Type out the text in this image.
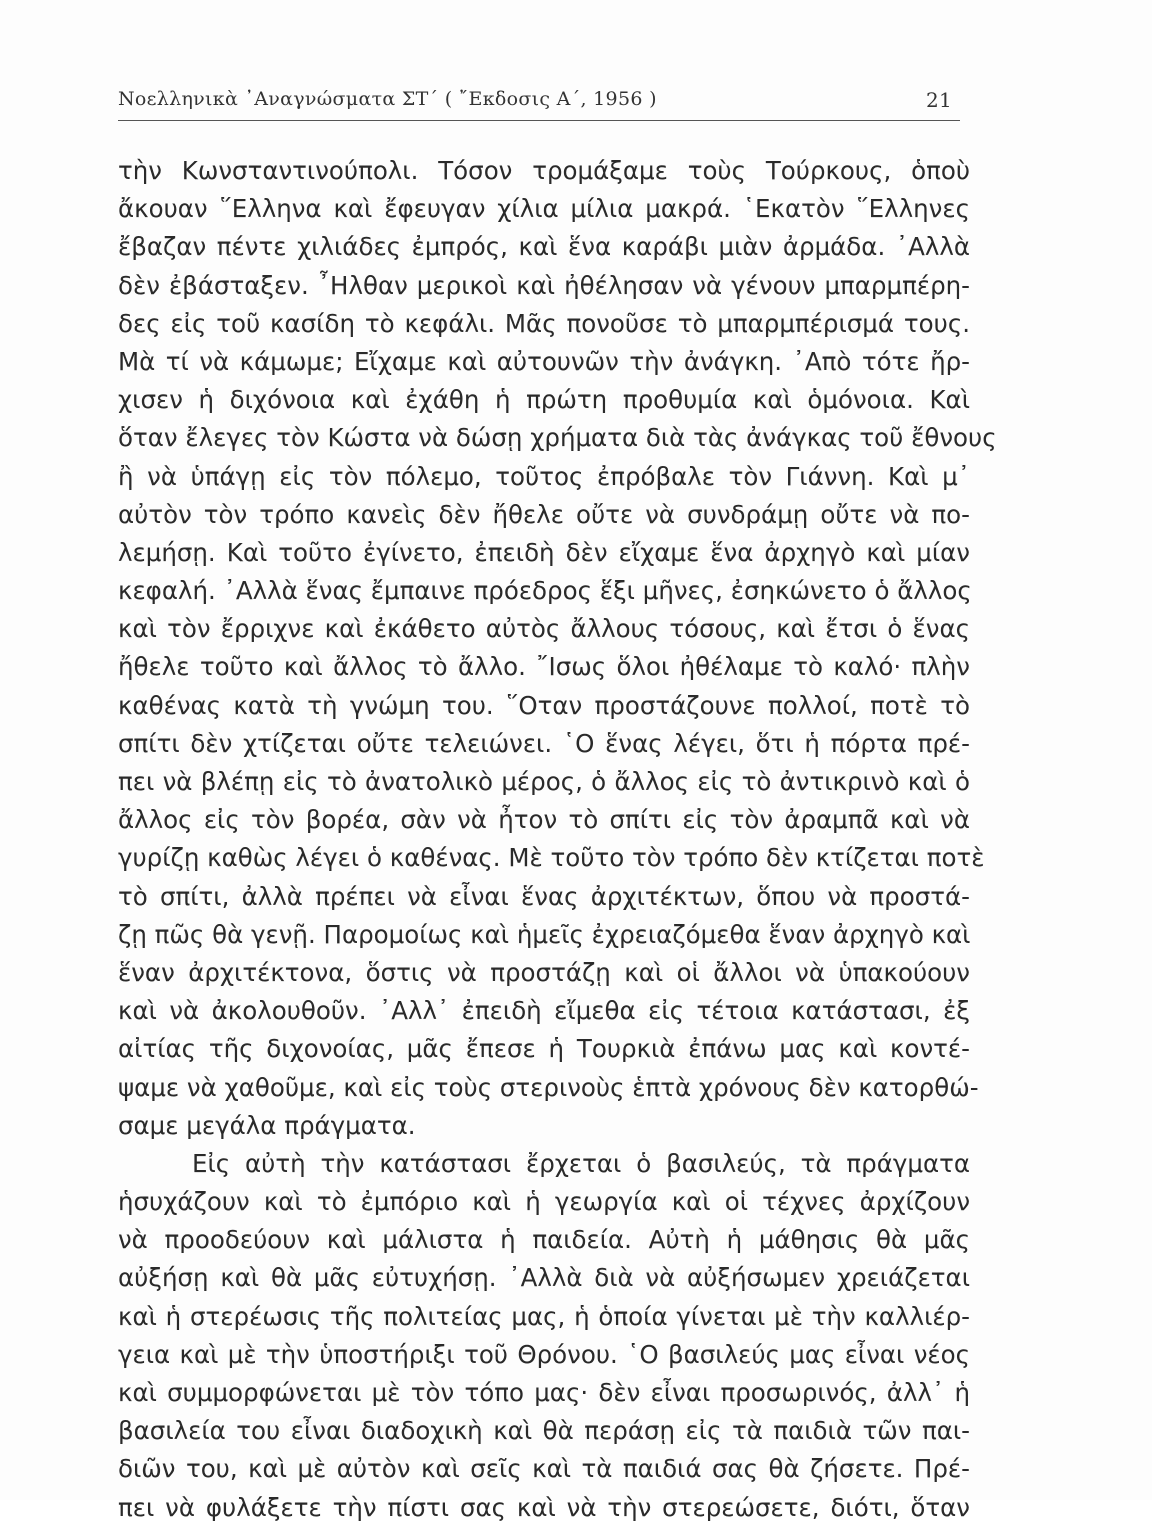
Νοελληνικὰ ᾿Αναγνώσματα ΣΤ΄ ( ῎Εκδοσις Α΄, 1956 )	21
τὴν Κωνσταντινούπολι. Τόσον τρομάξαμε τοὺς Τούρκους, ὁποὺ
ἄκουαν ῞Ελληνα καὶ ἔφευγαν χίλια μίλια μακρά. ῾Εκατὸν ῞Ελληνες
ἔβαζαν πέντε χιλιάδες ἐμπρός, καὶ ἕνα καράβι μιὰν ἀρμάδα. ᾿Αλλὰ
δὲν ἐβάσταξεν. ῏Ηλθαν μερικοὶ καὶ ἠθέλησαν νὰ γένουν μπαρμπέρη-
δες εἰς τοῦ κασίδη τὸ κεφάλι. Μᾶς πονοῦσε τὸ μπαρμπέρισμά τους.
Μὰ τί νὰ κάμωμε; Εἴχαμε καὶ αὐτουνῶν τὴν ἀνάγκη. ᾿Απὸ τότε ἤρ-
χισεν ἡ διχόνοια καὶ ἐχάθη ἡ πρώτη προθυμία καὶ ὁμόνοια. Καὶ
ὅταν ἔλεγες τὸν Κώστα νὰ δώσῃ χρήματα διὰ τὰς ἀνάγκας τοῦ ἔθνους
ἢ νὰ ὑπάγῃ εἰς τὸν πόλεμο, τοῦτος ἐπρόβαλε τὸν Γιάννη. Καὶ μ᾿
αὐτὸν τὸν τρόπο κανεὶς δὲν ἤθελε οὔτε νὰ συνδράμῃ οὔτε νὰ πο-
λεμήσῃ. Καὶ τοῦτο ἐγίνετο, ἐπειδὴ δὲν εἴχαμε ἕνα ἀρχηγὸ καὶ μίαν
κεφαλή. ᾿Αλλὰ ἕνας ἔμπαινε πρόεδρος ἕξι μῆνες, ἐσηκώνετο ὁ ἄλλος
καὶ τὸν ἔρριχνε καὶ ἐκάθετο αὐτὸς ἄλλους τόσους, καὶ ἔτσι ὁ ἕνας
ἤθελε τοῦτο καὶ ἄλλος τὸ ἄλλο. ῎Ισως ὅλοι ἠθέλαμε τὸ καλό· πλὴν
καθένας κατὰ τὴ γνώμη του. ῞Οταν προστάζουνε πολλοί, ποτὲ τὸ
σπίτι δὲν χτίζεται οὔτε τελειώνει. ῾Ο ἕνας λέγει, ὅτι ἡ πόρτα πρέ-
πει νὰ βλέπῃ εἰς τὸ ἀνατολικὸ μέρος, ὁ ἄλλος εἰς τὸ ἀντικρινὸ καὶ ὁ
ἄλλος εἰς τὸν βορέα, σὰν νὰ ἦτον τὸ σπίτι εἰς τὸν ἀραμπᾶ καὶ νὰ
γυρίζῃ καθὼς λέγει ὁ καθένας. Μὲ τοῦτο τὸν τρόπο δὲν κτίζεται ποτὲ
τὸ σπίτι, ἀλλὰ πρέπει νὰ εἶναι ἕνας ἀρχιτέκτων, ὅπου νὰ προστά-
ζῃ πῶς θὰ γενῇ. Παρομοίως καὶ ἡμεῖς ἐχρειαζόμεθα ἕναν ἀρχηγὸ καὶ
ἕναν ἀρχιτέκτονα, ὅστις νὰ προστάζῃ καὶ οἱ ἄλλοι νὰ ὑπακούουν
καὶ νὰ ἀκολουθοῦν. ᾿Αλλ᾿ ἐπειδὴ εἴμεθα εἰς τέτοια κατάστασι, ἐξ
αἰτίας τῆς διχονοίας, μᾶς ἔπεσε ἡ Τουρκιὰ ἐπάνω μας καὶ κοντέ-
ψαμε νὰ χαθοῦμε, καὶ εἰς τοὺς στερινοὺς ἑπτὰ χρόνους δὲν κατορθώ-
σαμε μεγάλα πράγματα.
Εἰς αὐτὴ τὴν κατάστασι ἔρχεται ὁ βασιλεύς, τὰ πράγματα
ἡσυχάζουν καὶ τὸ ἐμπόριο καὶ ἡ γεωργία καὶ οἱ τέχνες ἀρχίζουν
νὰ προοδεύουν καὶ μάλιστα ἡ παιδεία. Αὐτὴ ἡ μάθησις θὰ μᾶς
αὐξήσῃ καὶ θὰ μᾶς εὐτυχήσῃ. ᾿Αλλὰ διὰ νὰ αὐξήσωμεν χρειάζεται
καὶ ἡ στερέωσις τῆς πολιτείας μας, ἡ ὁποία γίνεται μὲ τὴν καλλιέρ-
γεια καὶ μὲ τὴν ὑποστήριξι τοῦ Θρόνου. ῾Ο βασιλεύς μας εἶναι νέος
καὶ συμμορφώνεται μὲ τὸν τόπο μας· δὲν εἶναι προσωρινός, ἀλλ᾿ ἡ
βασιλεία του εἶναι διαδοχικὴ καὶ θὰ περάσῃ εἰς τὰ παιδιὰ τῶν παι-
διῶν του, καὶ μὲ αὐτὸν καὶ σεῖς καὶ τὰ παιδιά σας θὰ ζήσετε. Πρέ-
πει νὰ φυλάξετε τὴν πίστι σας καὶ νὰ τὴν στερεώσετε, διότι, ὅταν
